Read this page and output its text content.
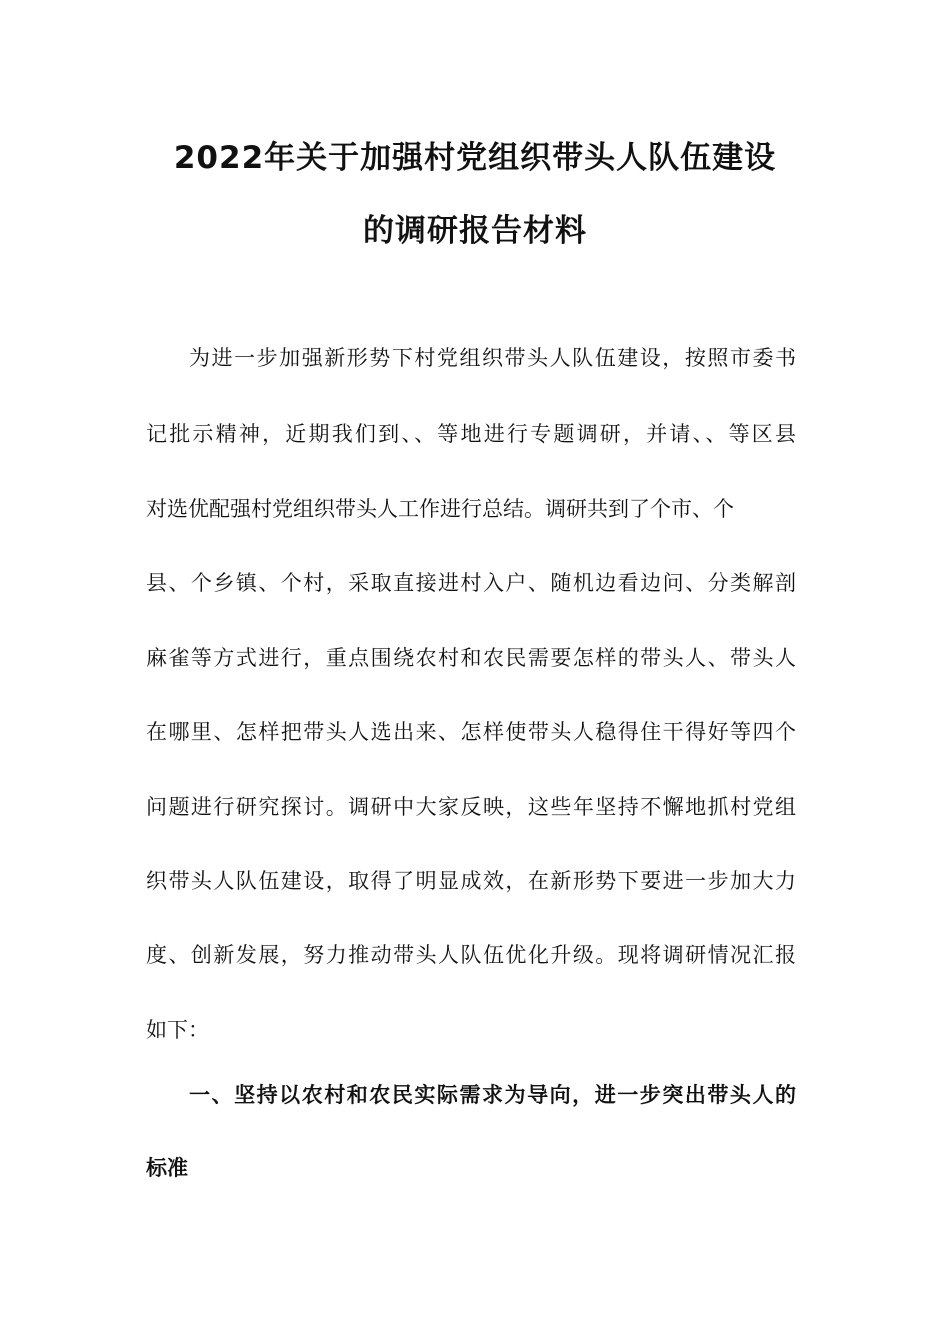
2022年关于加强村党组织带头人队伍建设
的调研报告材料
为进一步加强新形势下村党组织带头人队伍建设，按照市委书
记批示精神，近期我们到、、等地进行专题调研，并请、、等区县
对选优配强村党组织带头人工作进行总结。调研共到了个市、个
县、个乡镇、个村，采取直接进村入户、随机边看边问、分类解剖
麻雀等方式进行，重点围绕农村和农民需要怎样的带头人、带头人
在哪里、怎样把带头人选出来、怎样使带头人稳得住干得好等四个
问题进行研究探讨。调研中大家反映，这些年坚持不懈地抓村党组
织带头人队伍建设，取得了明显成效，在新形势下要进一步加大力
度、创新发展，努力推动带头人队伍优化升级。现将调研情况汇报
如下：
一、坚持以农村和农民实际需求为导向，进一步突出带头人的
标准
